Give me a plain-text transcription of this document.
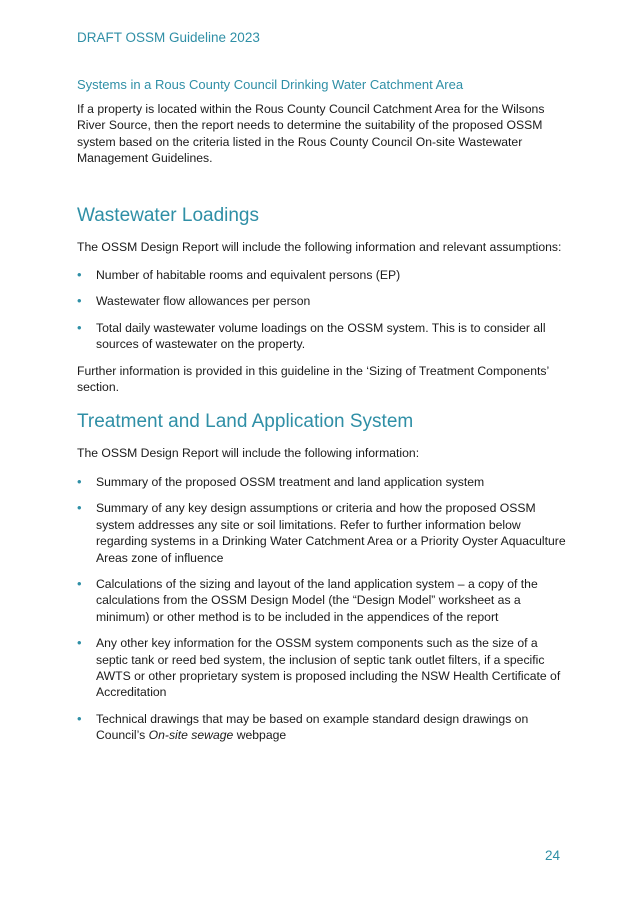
DRAFT OSSM Guideline 2023
Systems in a Rous County Council Drinking Water Catchment Area

If a property is located within the Rous County Council Catchment Area for the Wilsons River Source, then the report needs to determine the suitability of the proposed OSSM system based on the criteria listed in the Rous County Council On-site Wastewater Management Guidelines.

Wastewater Loadings

The OSSM Design Report will include the following information and relevant assumptions:

• Number of habitable rooms and equivalent persons (EP)
• Wastewater flow allowances per person
• Total daily wastewater volume loadings on the OSSM system. This is to consider all sources of wastewater on the property.

Further information is provided in this guideline in the ‘Sizing of Treatment Components’ section.

Treatment and Land Application System

The OSSM Design Report will include the following information:

• Summary of the proposed OSSM treatment and land application system
• Summary of any key design assumptions or criteria and how the proposed OSSM system addresses any site or soil limitations. Refer to further information below regarding systems in a Drinking Water Catchment Area or a Priority Oyster Aquaculture Areas zone of influence
• Calculations of the sizing and layout of the land application system – a copy of the calculations from the OSSM Design Model (the “Design Model” worksheet as a minimum) or other method is to be included in the appendices of the report
• Any other key information for the OSSM system components such as the size of a septic tank or reed bed system, the inclusion of septic tank outlet filters, if a specific AWTS or other proprietary system is proposed including the NSW Health Certificate of Accreditation
• Technical drawings that may be based on example standard design drawings on Council’s On-site sewage webpage
24
